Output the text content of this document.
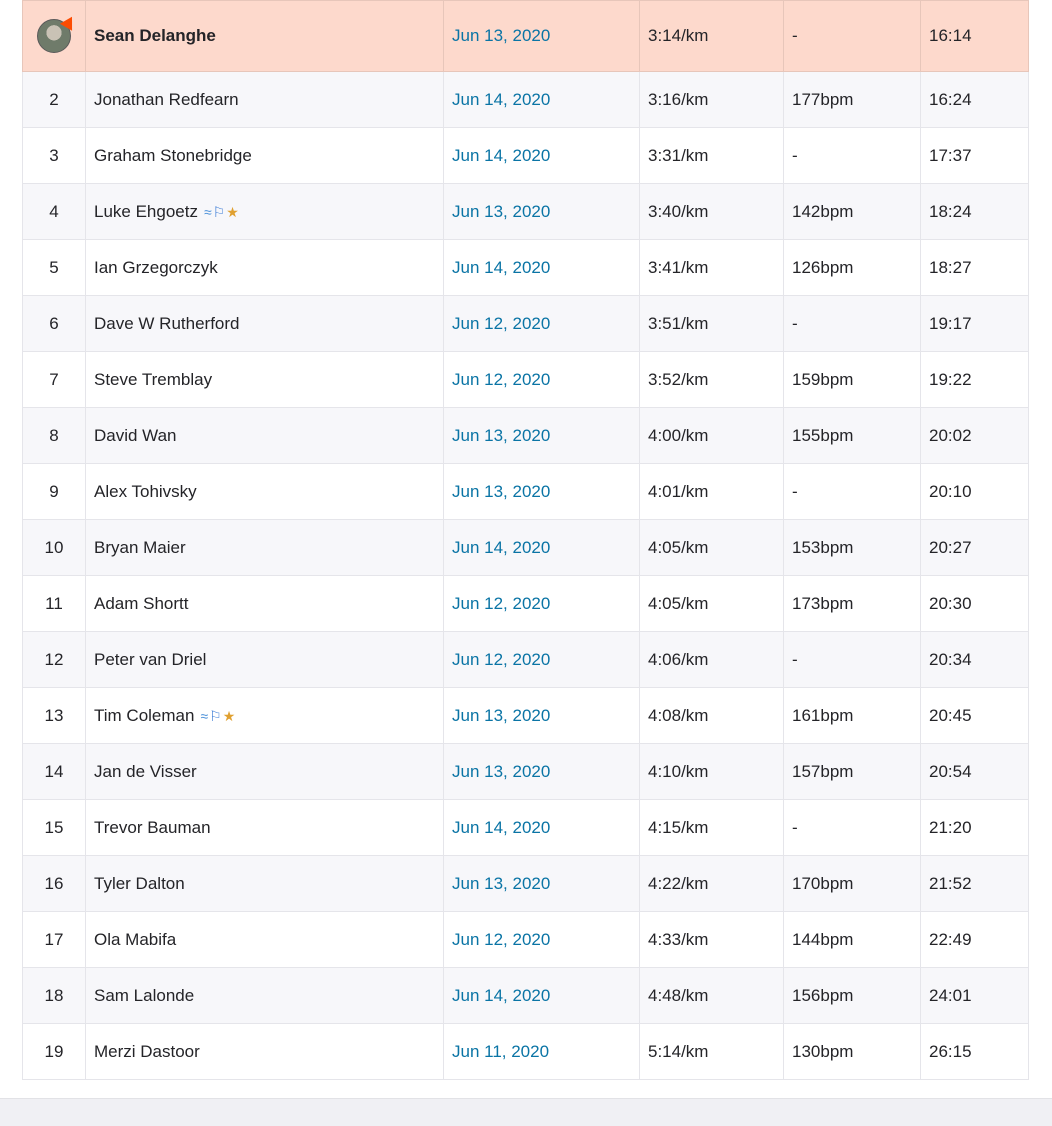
	Sean Delanghe	Jun 13, 2020	3:14/km	-	16:14
2	Jonathan Redfearn	Jun 14, 2020	3:16/km	177bpm	16:24
3	Graham Stonebridge	Jun 14, 2020	3:31/km	-	17:37
4	Luke Ehgoetz ≈⚐★	Jun 13, 2020	3:40/km	142bpm	18:24
5	Ian Grzegorczyk	Jun 14, 2020	3:41/km	126bpm	18:27
6	Dave W Rutherford	Jun 12, 2020	3:51/km	-	19:17
7	Steve Tremblay	Jun 12, 2020	3:52/km	159bpm	19:22
8	David Wan	Jun 13, 2020	4:00/km	155bpm	20:02
9	Alex Tohivsky	Jun 13, 2020	4:01/km	-	20:10
10	Bryan Maier	Jun 14, 2020	4:05/km	153bpm	20:27
11	Adam Shortt	Jun 12, 2020	4:05/km	173bpm	20:30
12	Peter van Driel	Jun 12, 2020	4:06/km	-	20:34
13	Tim Coleman ≈⚐★	Jun 13, 2020	4:08/km	161bpm	20:45
14	Jan de Visser	Jun 13, 2020	4:10/km	157bpm	20:54
15	Trevor Bauman	Jun 14, 2020	4:15/km	-	21:20
16	Tyler Dalton	Jun 13, 2020	4:22/km	170bpm	21:52
17	Ola Mabifa	Jun 12, 2020	4:33/km	144bpm	22:49
18	Sam Lalonde	Jun 14, 2020	4:48/km	156bpm	24:01
19	Merzi Dastoor	Jun 11, 2020	5:14/km	130bpm	26:15
